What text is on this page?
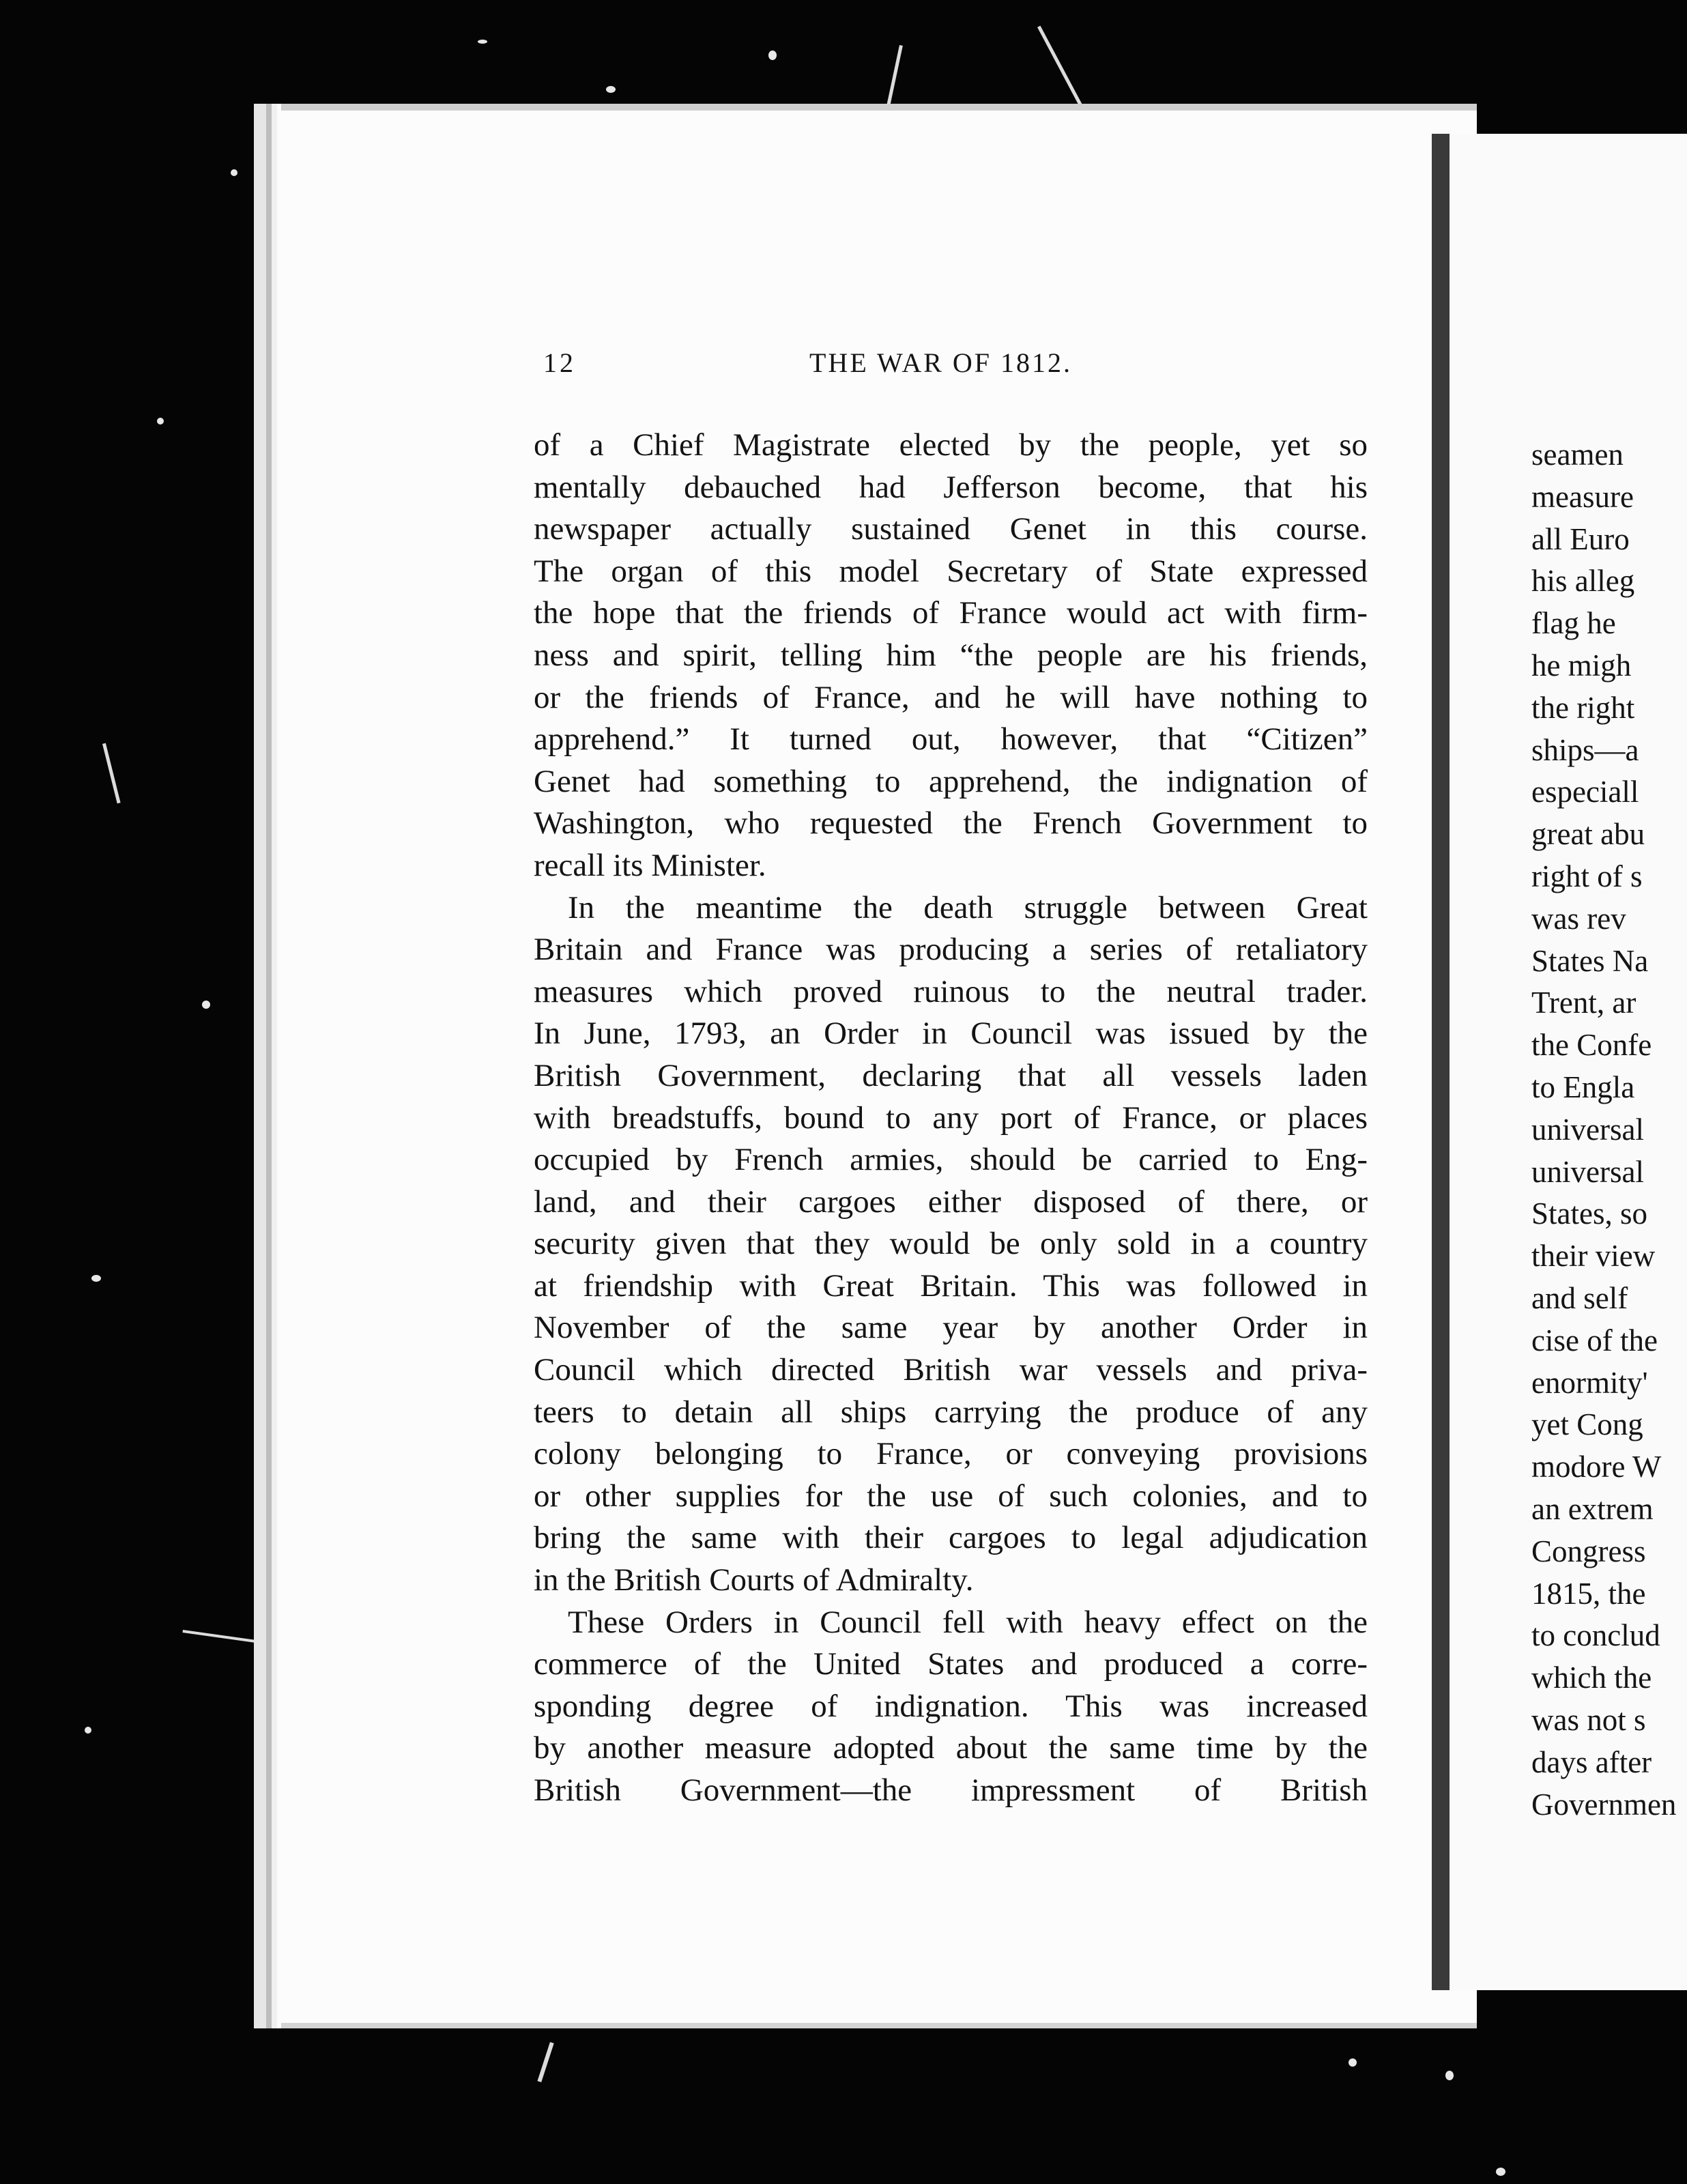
seamen
measure
all Euro
his alleg
flag he
he migh
the right
ships—a
especiall
great abu
right of s
was rev
States Na
Trent, ar
the Confe
to Engla
universal
universal
States, so
their view
and self
cise of the
enormity'
yet Cong
modore W
an extrem
Congress
1815, the
to conclud
which the
was not s
days after
Governmen
12	THE WAR OF 1812.

of a Chief Magistrate elected by the people, yet so
mentally debauched had Jefferson become, that his
newspaper actually sustained Genet in this course.
The organ of this model Secretary of State expressed
the hope that the friends of France would act with firm-
ness and spirit, telling him “the people are his friends,
or the friends of France, and he will have nothing to
apprehend.” It turned out, however, that “Citizen”
Genet had something to apprehend, the indignation of
Washington, who requested the French Government to
recall its Minister.

In the meantime the death struggle between Great
Britain and France was producing a series of retaliatory
measures which proved ruinous to the neutral trader.
In June, 1793, an Order in Council was issued by the
British Government, declaring that all vessels laden
with breadstuffs, bound to any port of France, or places
occupied by French armies, should be carried to Eng-
land, and their cargoes either disposed of there, or
security given that they would be only sold in a country
at friendship with Great Britain. This was followed in
November of the same year by another Order in
Council which directed British war vessels and priva-
teers to detain all ships carrying the produce of any
colony belonging to France, or conveying provisions
or other supplies for the use of such colonies, and to
bring the same with their cargoes to legal adjudication
in the British Courts of Admiralty.

These Orders in Council fell with heavy effect on the
commerce of the United States and produced a corre-
sponding degree of indignation. This was increased
by another measure adopted about the same time by the
British Government—the impressment of British
